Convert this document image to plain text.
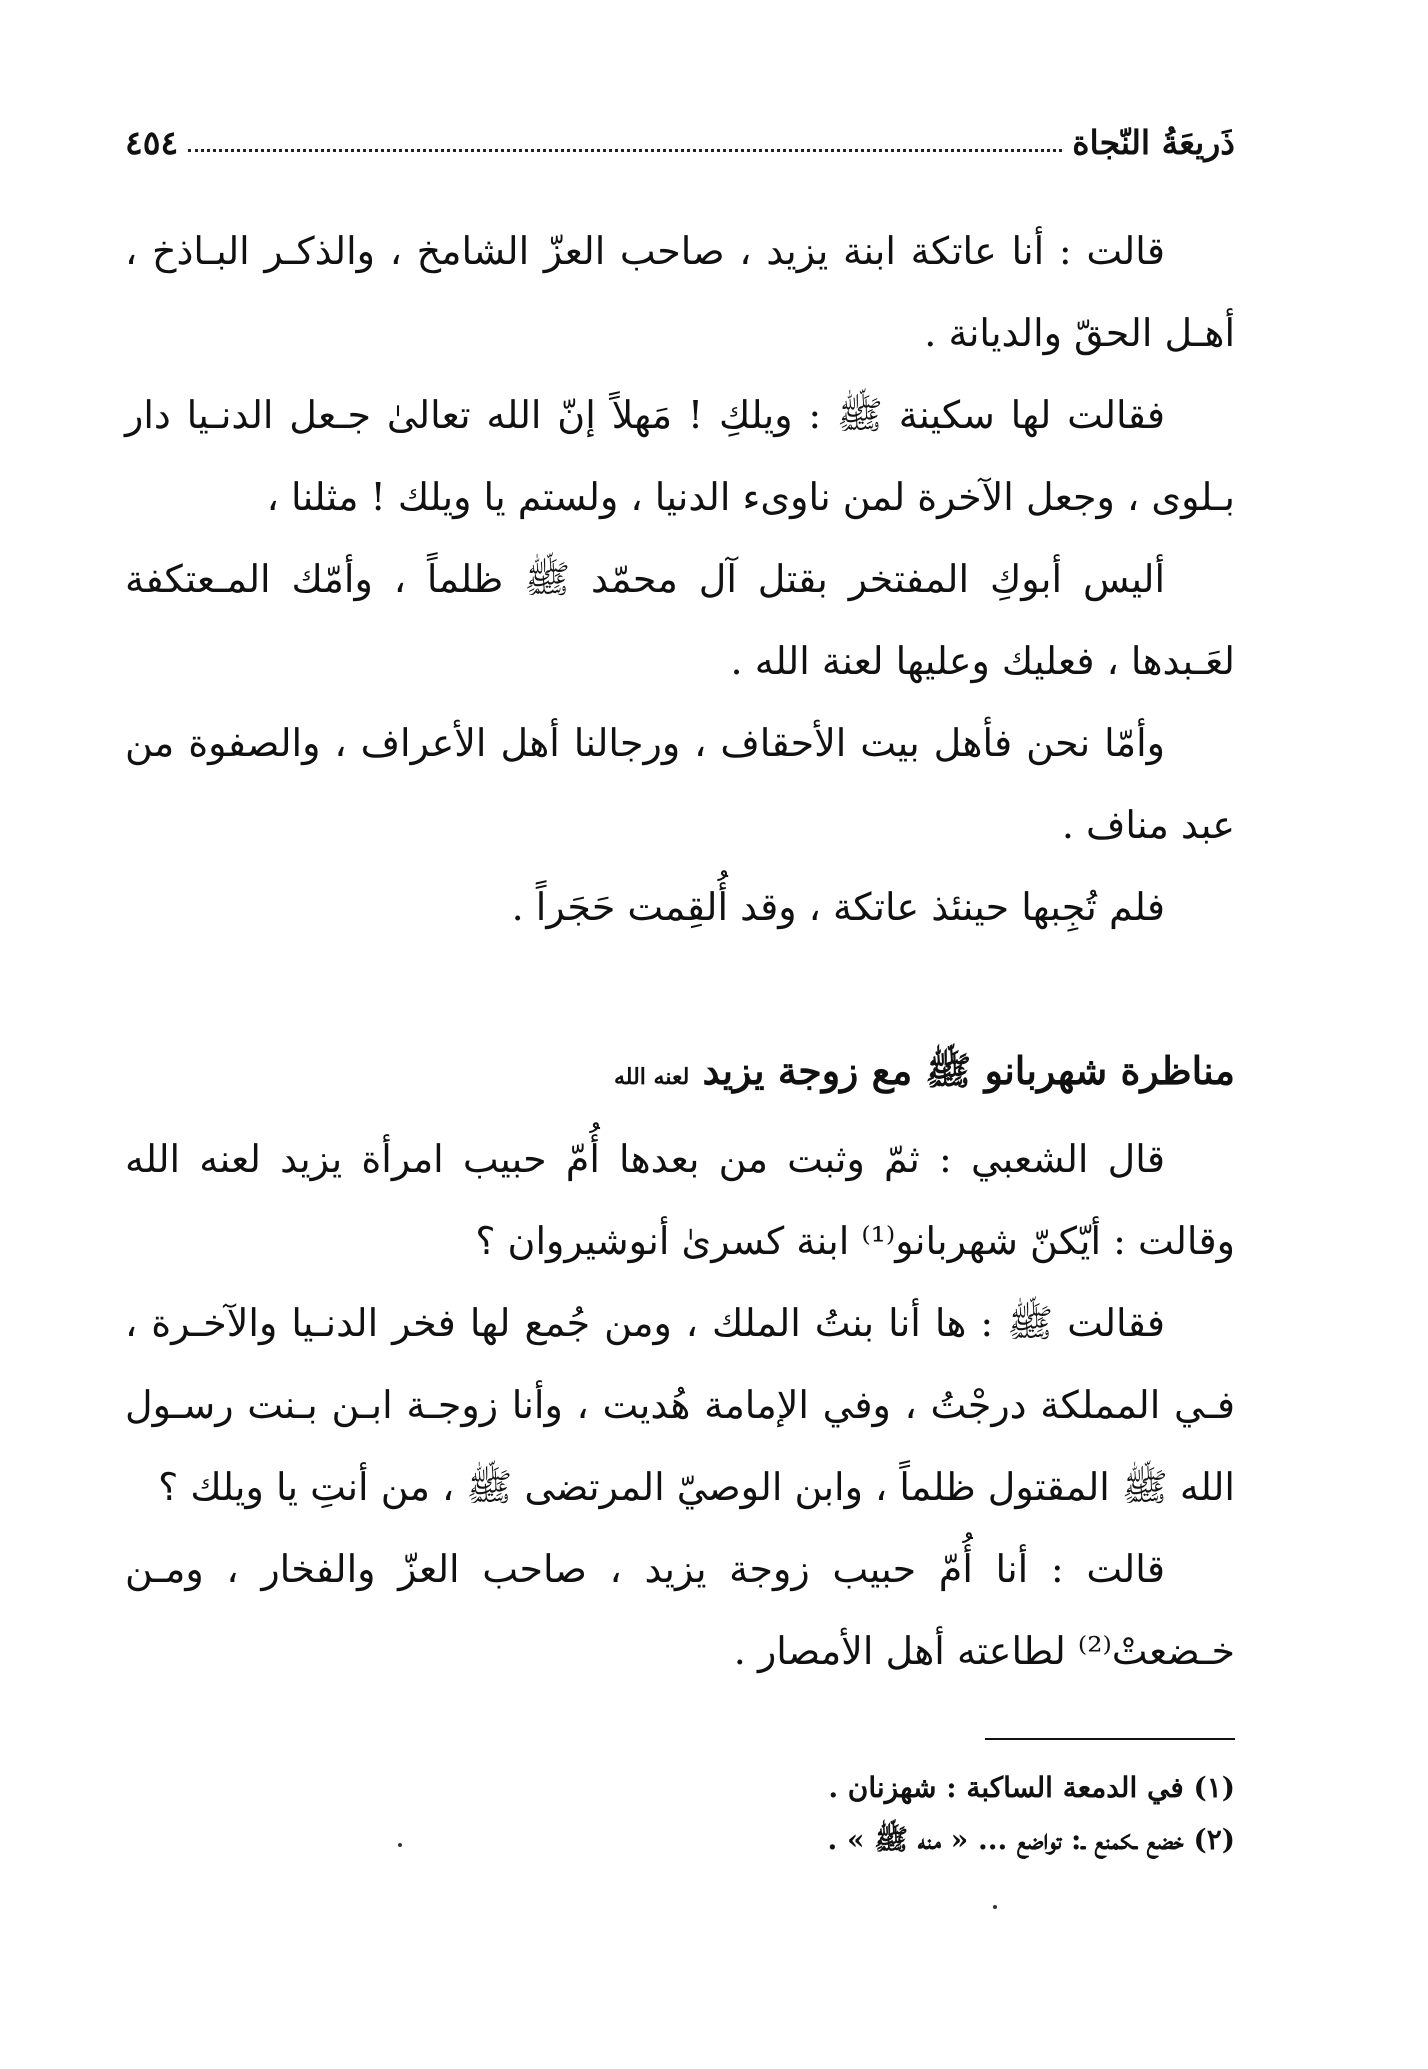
ذَريعَةُ النّجاة
٤٥٤

قالت : أنا عاتكة ابنة يزيد ، صاحب العزّ الشامخ ، والذكـر البـاذخ ، أهـل الحقّ والديانة .

فقالت لها سكينة ﷺ : ويلكِ ! مَهلاً إنّ الله تعالىٰ جـعل الدنـيا دار بـلوى ، وجعل الآخرة لمن ناوىء الدنيا ، ولستم يا ويلك ! مثلنا ،

أليس أبوكِ المفتخر بقتل آل محمّد ﷺ ظلماً ، وأمّك المـعتكفة لعَـبدها ، فعليك وعليها لعنة الله .

وأمّا نحن فأهل بيت الأحقاف ، ورجالنا أهل الأعراف ، والصفوة من عبد مناف .

فلم تُجِبها حينئذ عاتكة ، وقد أُلقِمت حَجَراً .

مناظرة شهربانو ﷺ مع زوجة يزيد لعنه الله

قال الشعبي : ثمّ وثبت من بعدها أُمّ حبيب امرأة يزيد لعنه الله وقالت : أيّكنّ شهربانو⁽¹⁾ ابنة كسرىٰ أنوشيروان ؟

فقالت ﷺ : ها أنا بنتُ الملك ، ومن جُمع لها فخر الدنـيا والآخـرة ، فـي المملكة درجْتُ ، وفي الإمامة هُديت ، وأنا زوجـة ابـن بـنت رسـول الله ﷺ المقتول ظلماً ، وابن الوصيّ المرتضى ﷺ ، من أنتِ يا ويلك ؟

قالت : أنا أُمّ حبيب زوجة يزيد ، صاحب العزّ والفخار ، ومـن خـضعتْ⁽²⁾ لطاعته أهل الأمصار .

(١) في الدمعة الساكبة : شهزنان .

(٢) خضع ـكمنع ـ: تواضع ... « منه ﷺ » .
